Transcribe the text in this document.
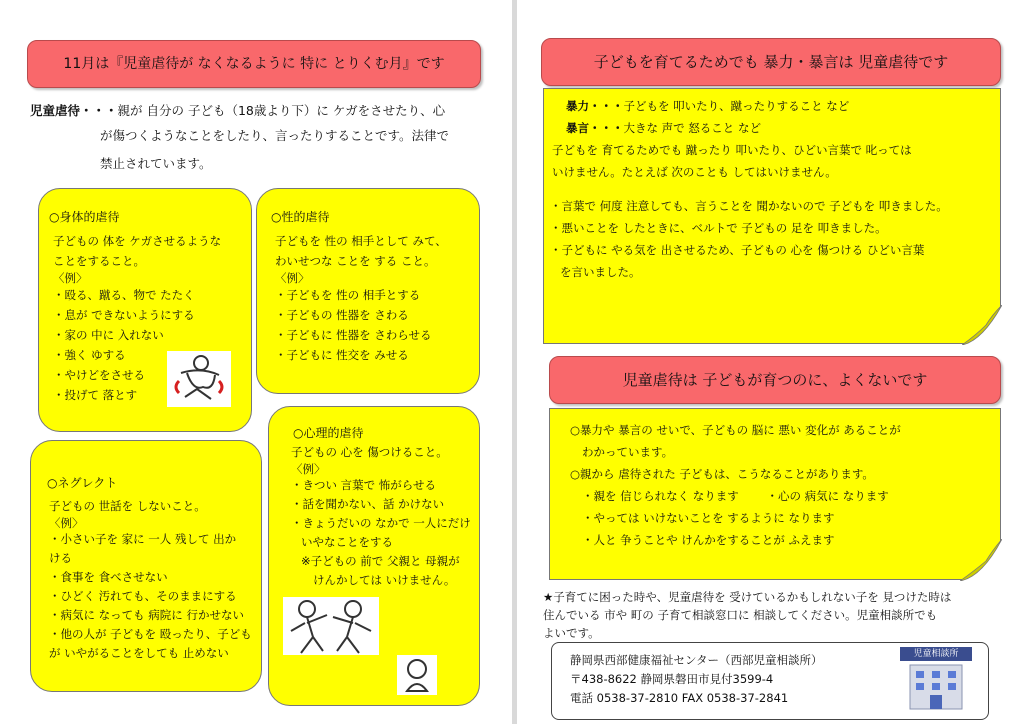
11月は『児童虐待が なくなるように 特に とりくむ月』です
児童虐待・・・親が 自分の 子ども（18歳より下）に ケガをさせたり、心
が傷つくようなことをしたり、言ったりすることです。法律で
禁止されています。
○身体的虐待
子どもの 体を ケガさせるような
ことをすること。
〈例〉
・殴る、蹴る、物で たたく
・息が できないようにする
・家の 中に 入れない
・強く ゆする
・やけどをさせる
・投げて 落とす
○性的虐待
子どもを 性の 相手として みて、
わいせつな ことを する こと。
〈例〉
・子どもを 性の 相手とする
・子どもの 性器を さわる
・子どもに 性器を さわらせる
・子どもに 性交を みせる
○ネグレクト
子どもの 世話を しないこと。
〈例〉
・小さい子を 家に 一人 残して 出か
ける
・食事を 食べさせない
・ひどく 汚れても、そのままにする
・病気に なっても 病院に 行かせない
・他の人が 子どもを 殴ったり、子ども
が いやがることをしても 止めない
○心理的虐待
子どもの 心を 傷つけること。
〈例〉
・きつい 言葉で 怖がらせる
・話を聞かない、話 かけない
・きょうだいの なかで 一人にだけ
いやなことをする
※子どもの 前で 父親と 母親が
けんかしては いけません。
子どもを育てるためでも 暴力・暴言は 児童虐待です
暴力・・・子どもを 叩いたり、蹴ったりすること など
暴言・・・大きな 声で 怒ること など
子どもを 育てるためでも 蹴ったり 叩いたり、ひどい言葉で 叱っては
いけません。たとえば 次のことも してはいけません。
・言葉で 何度 注意しても、言うことを 聞かないので 子どもを 叩きました。
・悪いことを したときに、ベルトで 子どもの 足を 叩きました。
・子どもに やる気を 出させるため、子どもの 心を 傷つける ひどい言葉
を言いました。
児童虐待は 子どもが育つのに、よくないです
○暴力や 暴言の せいで、子どもの 脳に 悪い 変化が あることが
わかっています。
○親から 虐待された 子どもは、こうなることがあります。
・親を 信じられなく なります ・心の 病気に なります
・やっては いけないことを するように なります
・人と 争うことや けんかをすることが ふえます
★子育てに困った時や、児童虐待を 受けているかもしれない子を 見つけた時は
住んでいる 市や 町の 子育て相談窓口に 相談してください。児童相談所でも
よいです。
静岡県西部健康福祉センター（西部児童相談所）
〒438-8622 静岡県磐田市見付3599-4
電話 0538-37-2810 FAX 0538-37-2841
児童相談所
